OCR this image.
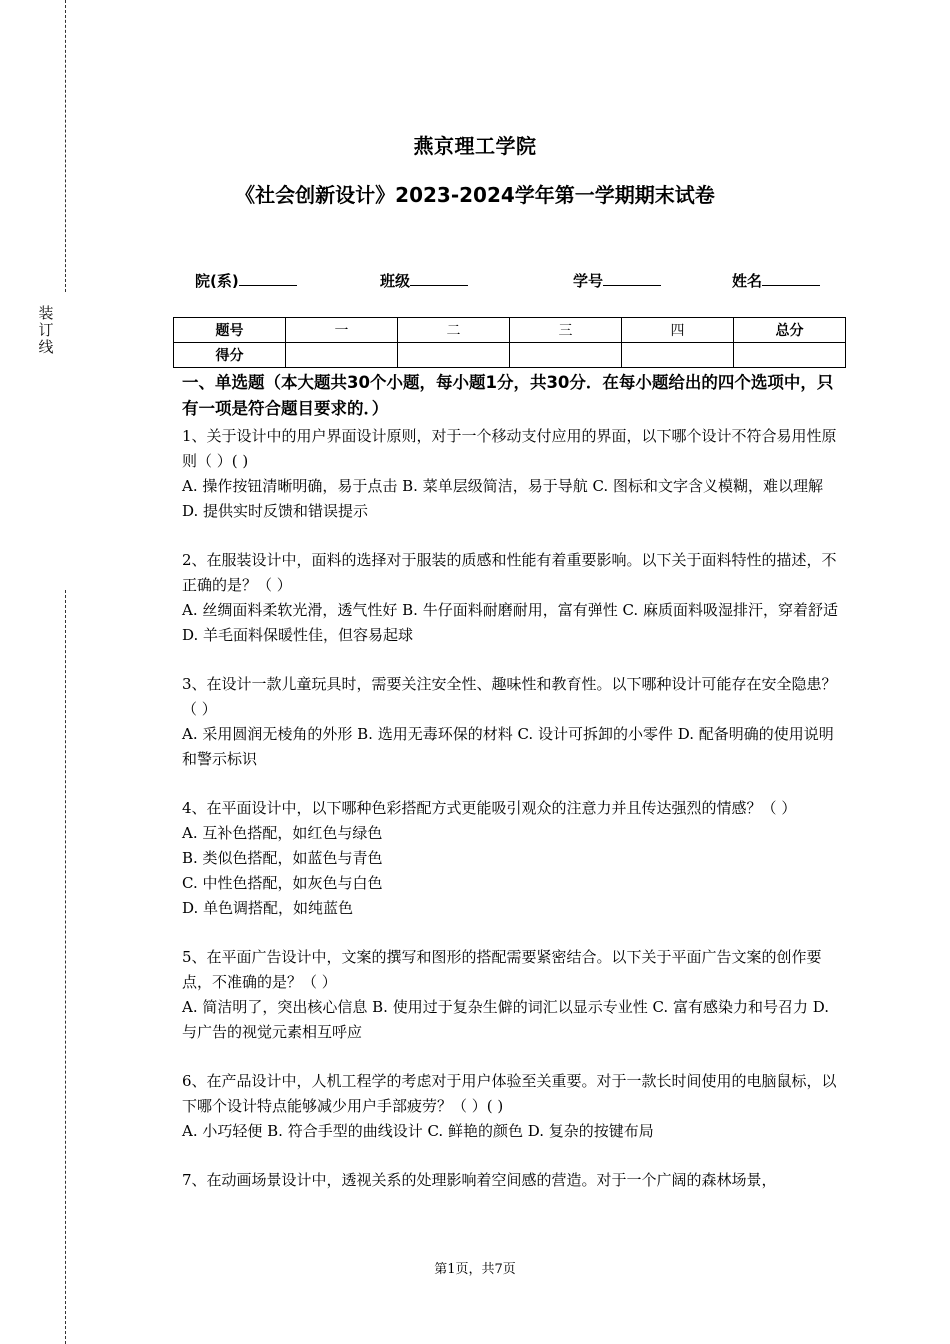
装
订
线
燕京理工学院
《社会创新设计》2023-2024学年第一学期期末试卷
院(系)	班级	学号	姓名
题号	一	二	三	四	总分
得分					
一、单选题（本大题共30个小题，每小题1分，共30分．在每小题给出的四个选项中，只有一项是符合题目要求的．）

1、关于设计中的用户界面设计原则，对于一个移动支付应用的界面，以下哪个设计不符合易用性原则（ ）( )

A. 操作按钮清晰明确，易于点击 B. 菜单层级简洁，易于导航 C. 图标和文字含义模糊，难以理解 D. 提供实时反馈和错误提示

2、在服装设计中，面料的选择对于服装的质感和性能有着重要影响。以下关于面料特性的描述，不正确的是？（ ）

A. 丝绸面料柔软光滑，透气性好 B. 牛仔面料耐磨耐用，富有弹性 C. 麻质面料吸湿排汗，穿着舒适 D. 羊毛面料保暖性佳，但容易起球

3、在设计一款儿童玩具时，需要关注安全性、趣味性和教育性。以下哪种设计可能存在安全隐患？（ ）

A. 采用圆润无棱角的外形 B. 选用无毒环保的材料 C. 设计可拆卸的小零件 D. 配备明确的使用说明和警示标识

4、在平面设计中，以下哪种色彩搭配方式更能吸引观众的注意力并且传达强烈的情感？（ ）

A. 互补色搭配，如红色与绿色

B. 类似色搭配，如蓝色与青色

C. 中性色搭配，如灰色与白色

D. 单色调搭配，如纯蓝色

5、在平面广告设计中，文案的撰写和图形的搭配需要紧密结合。以下关于平面广告文案的创作要点，不准确的是？（ ）

A. 简洁明了，突出核心信息 B. 使用过于复杂生僻的词汇以显示专业性 C. 富有感染力和号召力 D. 与广告的视觉元素相互呼应

6、在产品设计中，人机工程学的考虑对于用户体验至关重要。对于一款长时间使用的电脑鼠标，以下哪个设计特点能够减少用户手部疲劳？（ ）( )

A. 小巧轻便 B. 符合手型的曲线设计 C. 鲜艳的颜色 D. 复杂的按键布局

7、在动画场景设计中，透视关系的处理影响着空间感的营造。对于一个广阔的森林场景，

第1页，共7页
